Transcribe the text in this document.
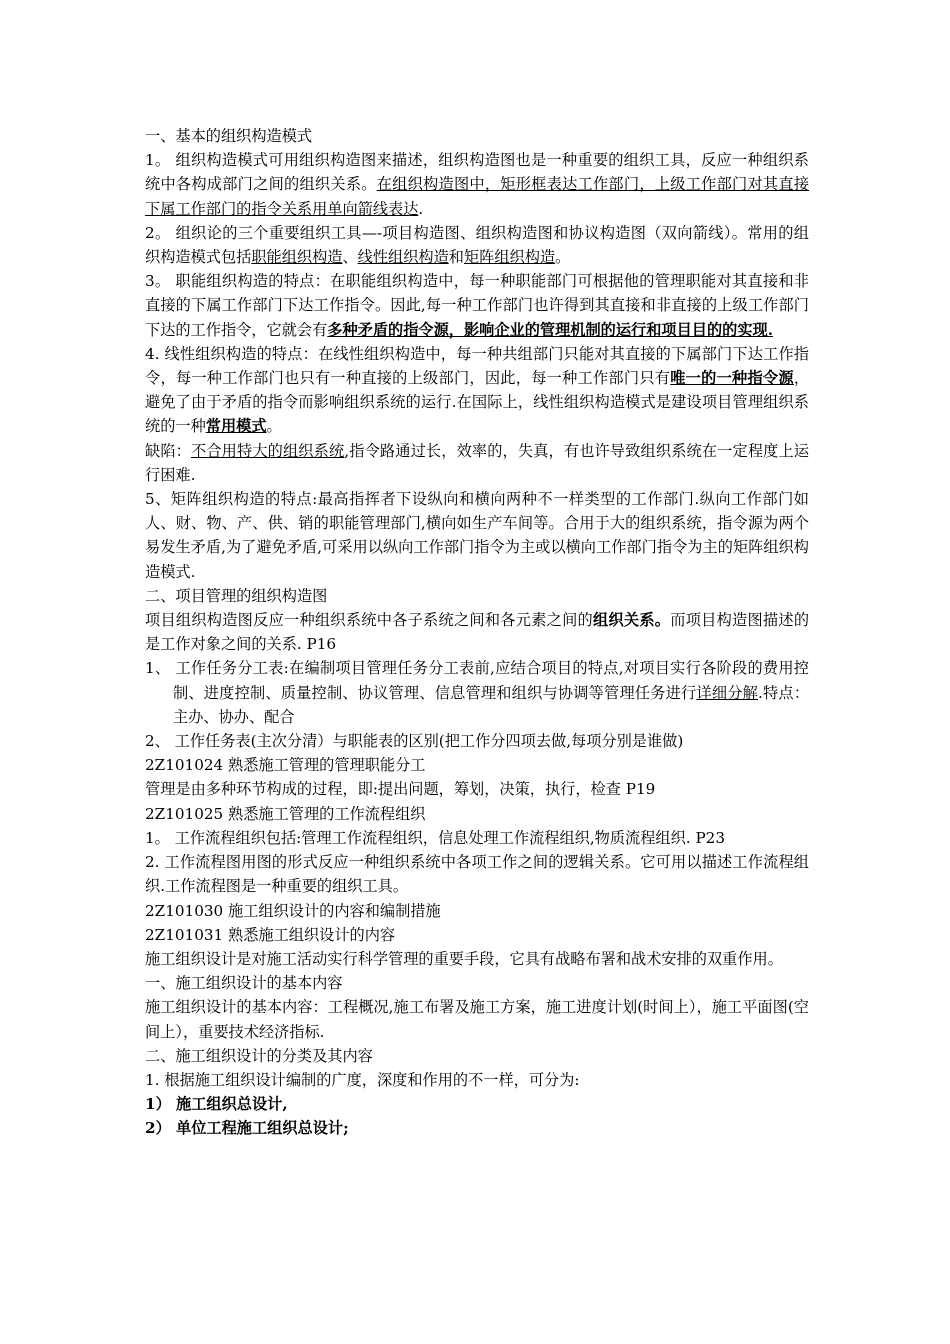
一、基本的组织构造模式

1。 组织构造模式可用组织构造图来描述，组织构造图也是一种重要的组织工具，反应一种组织系统中各构成部门之间的组织关系。在组织构造图中，矩形框表达工作部门，上级工作部门对其直接下属工作部门的指令关系用单向箭线表达.

2。 组织论的三个重要组织工具—-项目构造图、组织构造图和协议构造图（双向箭线）。常用的组织构造模式包括职能组织构造、线性组织构造和矩阵组织构造。

3。 职能组织构造的特点：在职能组织构造中，每一种职能部门可根据他的管理职能对其直接和非直接的下属工作部门下达工作指令。因此,每一种工作部门也许得到其直接和非直接的上级工作部门下达的工作指令，它就会有多种矛盾的指令源，影响企业的管理机制的运行和项目目的的实现.

4. 线性组织构造的特点：在线性组织构造中，每一种共组部门只能对其直接的下属部门下达工作指令，每一种工作部门也只有一种直接的上级部门，因此，每一种工作部门只有唯一的一种指令源，避免了由于矛盾的指令而影响组织系统的运行.在国际上，线性组织构造模式是建设项目管理组织系统的一种常用模式。

缺陷：不合用特大的组织系统,指令路通过长，效率的，失真，有也许导致组织系统在一定程度上运行困难.

5、矩阵组织构造的特点:最高指挥者下设纵向和横向两种不一样类型的工作部门.纵向工作部门如人、财、物、产、供、销的职能管理部门,横向如生产车间等。合用于大的组织系统，指令源为两个易发生矛盾,为了避免矛盾,可采用以纵向工作部门指令为主或以横向工作部门指令为主的矩阵组织构造模式.

二、项目管理的组织构造图

项目组织构造图反应一种组织系统中各子系统之间和各元素之间的组织关系。而项目构造图描述的是工作对象之间的关系. P16

1、 工作任务分工表:在编制项目管理任务分工表前,应结合项目的特点,对项目实行各阶段的费用控制、进度控制、质量控制、协议管理、信息管理和组织与协调等管理任务进行详细分解.特点：主办、协办、配合

2、 工作任务表(主次分清）与职能表的区别(把工作分四项去做,每项分别是谁做)

2Z101024 熟悉施工管理的管理职能分工

管理是由多种环节构成的过程，即:提出问题，筹划，决策，执行，检查 P19

2Z101025 熟悉施工管理的工作流程组织

1。 工作流程组织包括:管理工作流程组织，信息处理工作流程组织,物质流程组织. P23

2. 工作流程图用图的形式反应一种组织系统中各项工作之间的逻辑关系。它可用以描述工作流程组织.工作流程图是一种重要的组织工具。

2Z101030 施工组织设计的内容和编制措施

2Z101031 熟悉施工组织设计的内容

施工组织设计是对施工活动实行科学管理的重要手段，它具有战略布署和战术安排的双重作用。

一、施工组织设计的基本内容

施工组织设计的基本内容：工程概况,施工布署及施工方案，施工进度计划(时间上），施工平面图(空间上），重要技术经济指标.

二、施工组织设计的分类及其内容

1. 根据施工组织设计编制的广度，深度和作用的不一样，可分为:

1） 施工组织总设计,

2） 单位工程施工组织总设计;
